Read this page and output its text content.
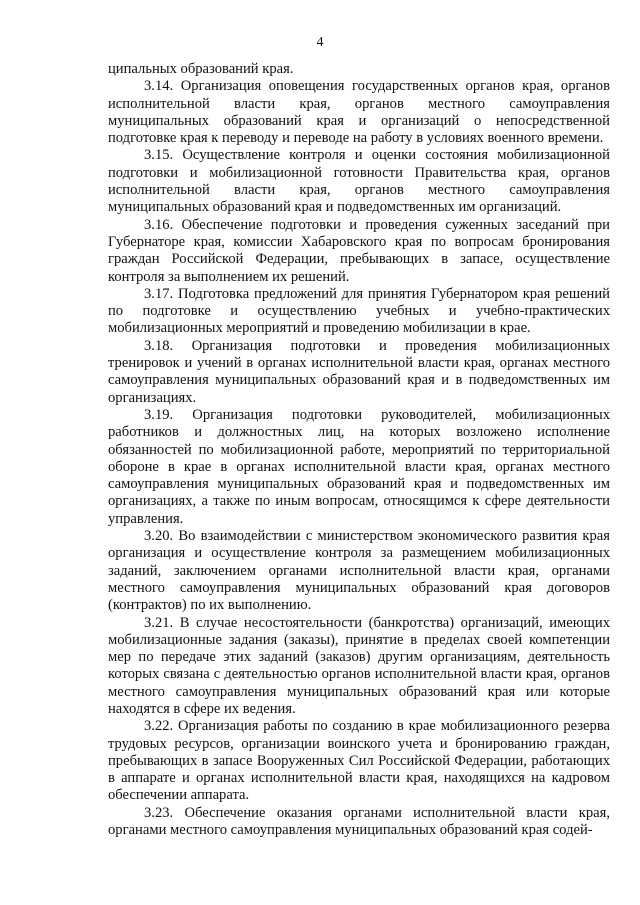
4

ципальных образований края.

3.14. Организация оповещения государственных органов края, органов исполнительной власти края, органов местного самоуправления муниципальных образований края и организаций о непосредственной подготовке края к переводу и переводе на работу в условиях военного времени.

3.15. Осуществление контроля и оценки состояния мобилизационной подготовки и мобилизационной готовности Правительства края, органов исполнительной власти края, органов местного самоуправления муниципальных образований края и подведомственных им организаций.

3.16. Обеспечение подготовки и проведения суженных заседаний при Губернаторе края, комиссии Хабаровского края по вопросам бронирования граждан Российской Федерации, пребывающих в запасе, осуществление контроля за выполнением их решений.

3.17. Подготовка предложений для принятия Губернатором края решений по подготовке и осуществлению учебных и учебно-практических мобилизационных мероприятий и проведению мобилизации в крае.

3.18. Организация подготовки и проведения мобилизационных тренировок и учений в органах исполнительной власти края, органах местного самоуправления муниципальных образований края и в подведомственных им организациях.

3.19. Организация подготовки руководителей, мобилизационных работников и должностных лиц, на которых возложено исполнение обязанностей по мобилизационной работе, мероприятий по территориальной обороне в крае в органах исполнительной власти края, органах местного самоуправления муниципальных образований края и подведомственных им организациях, а также по иным вопросам, относящимся к сфере деятельности управления.

3.20. Во взаимодействии с министерством экономического развития края организация и осуществление контроля за размещением мобилизационных заданий, заключением органами исполнительной власти края, органами местного самоуправления муниципальных образований края договоров (контрактов) по их выполнению.

3.21. В случае несостоятельности (банкротства) организаций, имеющих мобилизационные задания (заказы), принятие в пределах своей компетенции мер по передаче этих заданий (заказов) другим организациям, деятельность которых связана с деятельностью органов исполнительной власти края, органов местного самоуправления муниципальных образований края или которые находятся в сфере их ведения.

3.22. Организация работы по созданию в крае мобилизационного резерва трудовых ресурсов, организации воинского учета и бронированию граждан, пребывающих в запасе Вооруженных Сил Российской Федерации, работающих в аппарате и органах исполнительной власти края, находящихся на кадровом обеспечении аппарата.

3.23. Обеспечение оказания органами исполнительной власти края, органами местного самоуправления муниципальных образований края содей-
